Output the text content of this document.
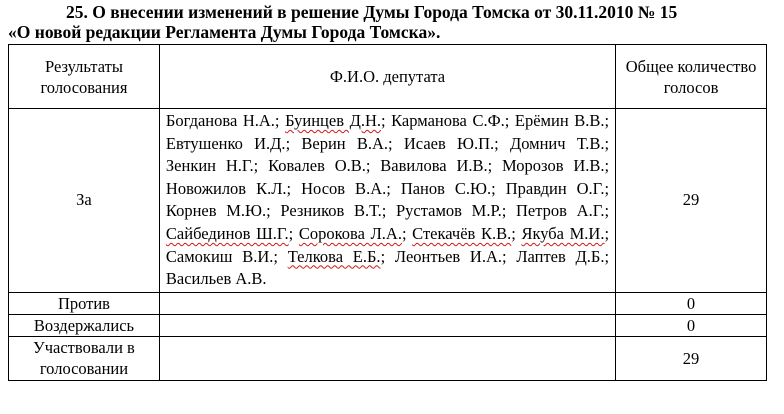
25. О внесении изменений в решение Думы Города Томска от 30.11.2010 № 15
«О новой редакции Регламента Думы Города Томска».
Результаты голосования	Ф.И.О. депутата	Общее количество голосов
За	Богданова Н.А.; Буинцев Д.Н.; Карманова С.Ф.; Ерёмин В.В.; Евтушенко И.Д.; Верин В.А.; Исаев Ю.П.; Домнич Т.В.; Зенкин Н.Г.; Ковалев О.В.; Вавилова И.В.; Морозов И.В.; Новожилов К.Л.; Носов В.А.; Панов С.Ю.; Правдин О.Г.; Корнев М.Ю.; Резников В.Т.; Рустамов М.Р.; Петров А.Г.; Сайбединов Ш.Г.; Сорокова Л.А.; Стекачёв К.В.; Якуба М.И.; Самокиш В.И.; Телкова Е.Б.; Леонтьев И.А.; Лаптев Д.Б.; Васильев А.В.	29
Против		0
Воздержались		0
Участвовали в голосовании		29
